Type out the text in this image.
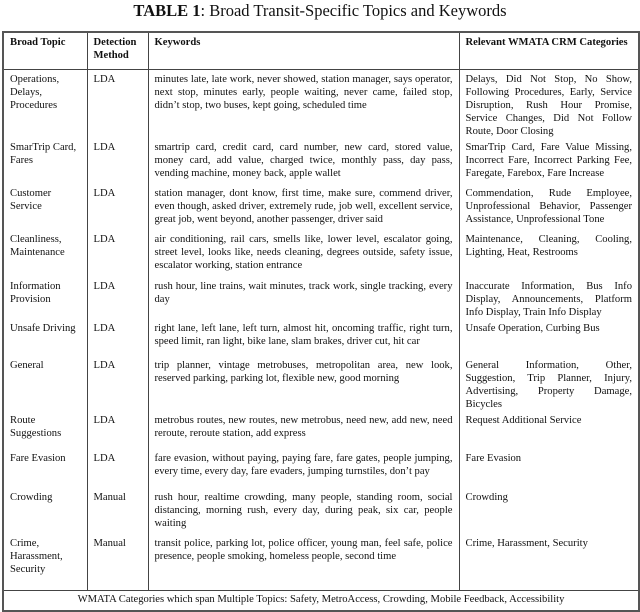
TABLE 1: Broad Transit-Specific Topics and Keywords
Broad Topic	Detection Method	Keywords	Relevant WMATA CRM Categories
Operations, Delays, Procedures	LDA	minutes late, late work, never showed, station manager, says operator, next stop, minutes early, people waiting, never came, failed stop, didn’t stop, two buses, kept going, scheduled time	Delays, Did Not Stop, No Show, Following Procedures, Early, Service Disruption, Rush Hour Promise, Service Changes, Did Not Follow Route, Door Closing
SmarTrip Card, Fares	LDA	smartrip card, credit card, card number, new card, stored value, money card, add value, charged twice, monthly pass, day pass, vending machine, money back, apple wallet	SmarTrip Card, Fare Value Missing, Incorrect Fare, Incorrect Parking Fee, Faregate, Farebox, Fare Increase
Customer Service	LDA	station manager, dont know, first time, make sure, commend driver, even though, asked driver, extremely rude, job well, excellent service, great job, went beyond, another passenger, driver said	Commendation, Rude Employee, Unprofessional Behavior, Passenger Assistance, Unprofessional Tone
Cleanliness, Maintenance	LDA	air conditioning, rail cars, smells like, lower level, escalator going, street level, looks like, needs cleaning, degrees outside, safety issue, escalator working, station entrance	Maintenance, Cleaning, Cooling, Lighting, Heat, Restrooms
Information Provision	LDA	rush hour, line trains, wait minutes, track work, single tracking, every day	Inaccurate Information, Bus Info Display, Announcements, Platform Info Display, Train Info Display
Unsafe Driving	LDA	right lane, left lane, left turn, almost hit, oncoming traffic, right turn, speed limit, ran light, bike lane, slam brakes, driver cut, hit car	Unsafe Operation, Curbing Bus
General	LDA	trip planner, vintage metrobuses, metropolitan area, new look, reserved parking, parking lot, flexible new, good morning	General Information, Other, Suggestion, Trip Planner, Injury, Advertising, Property Damage, Bicycles
Route Suggestions	LDA	metrobus routes, new routes, new metrobus, need new, add new, need reroute, reroute station, add express	Request Additional Service
Fare Evasion	LDA	fare evasion, without paying, paying fare, fare gates, people jumping, every time, every day, fare evaders, jumping turnstiles, don’t pay	Fare Evasion
Crowding	Manual	rush hour, realtime crowding, many people, standing room, social distancing, morning rush, every day, during peak, six car, people waiting	Crowding
Crime, Harassment, Security	Manual	transit police, parking lot, police officer, young man, feel safe, police presence, people smoking, homeless people, second time	Crime, Harassment, Security
WMATA Categories which span Multiple Topics: Safety, MetroAccess, Crowding, Mobile Feedback, Accessibility			
